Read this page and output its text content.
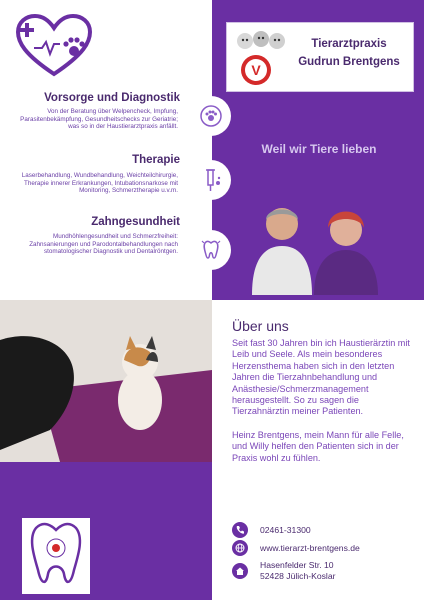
Vorsorge und Diagnostik
Von der Beratung über Welpencheck, Impfung, Parasitenbekämpfung, Gesundheitschecks zur Geriatrie; was so in der Haustierarztpraxis anfällt.
Therapie
Laserbehandlung, Wundbehandlung, Weichteilchirurgie, Therapie innerer Erkrankungen, Intubationsnarkose mit Monitoring, Schmerztherapie u.v.m.
Zahngesundheit
Mundhöhlengesundheit und Schmerzfreiheit: Zahnsanierungen und Parodontalbehandlungen nach stomatologischer Diagnostik und Dentalröntgen.
V
Tierarztpraxis
Gudrun Brentgens
Weil wir Tiere lieben
Über uns
Seit fast 30 Jahren bin ich Haustierärztin mit Leib und Seele. Als mein besonderes Herzensthema haben sich in den letzten Jahren die Tierzahnbehandlung und Anästhesie/Schmerzmanagement herausgestellt. So zu sagen die Tierzahnärztin meiner Patienten.
Heinz Brentgens, mein Mann für alle Felle, und Willy helfen den Patienten sich in der Praxis wohl zu fühlen.
02461-31300
www.tierarzt-brentgens.de
Hasenfelder Str. 10
52428 Jülich-Koslar
